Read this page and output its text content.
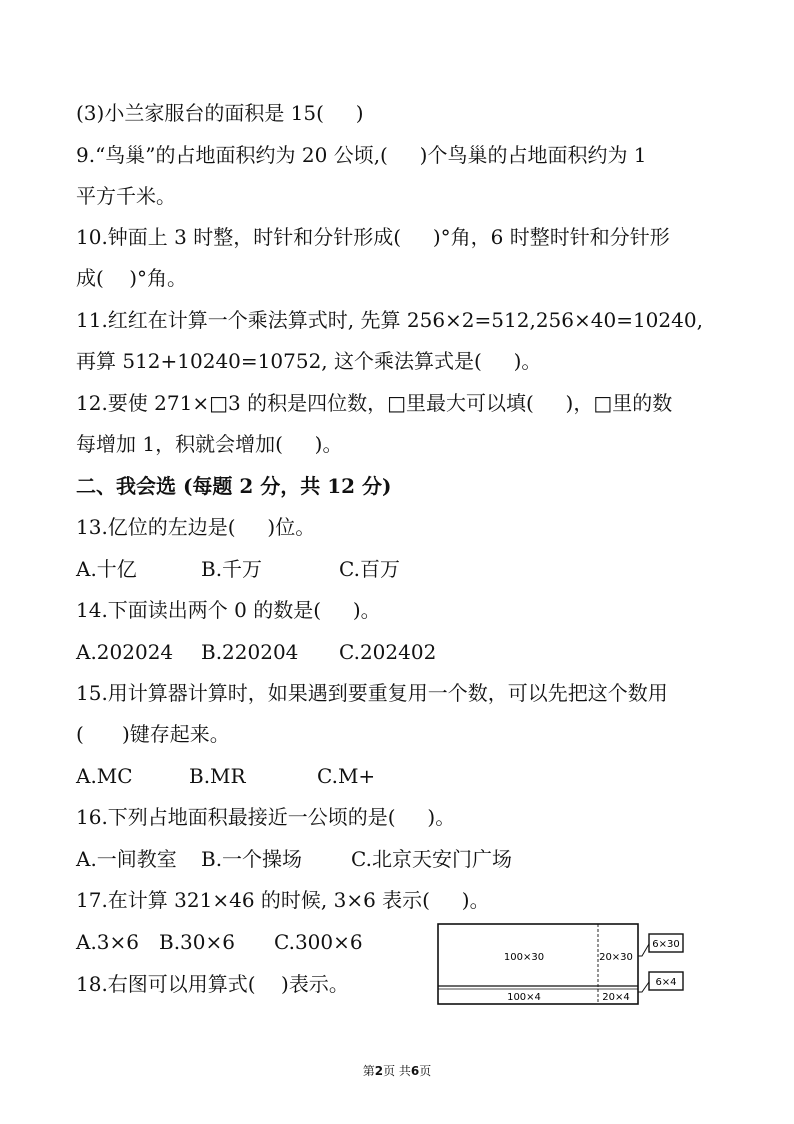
(3)小兰家服台的面积是 15(     )
9.“鸟巢”的占地面积约为 20 公顷,(     )个鸟巢的占地面积约为 1
平方千米。
10.钟面上 3 时整，时针和分针形成(     )°角，6 时整时针和分针形
成(    )°角。
11.红红在计算一个乘法算式时, 先算 256×2=512,256×40=10240,
再算 512+10240=10752, 这个乘法算式是(     )。
12.要使 271×□3 的积是四位数，□里最大可以填(     )，□里的数
每增加 1，积就会增加(     )。
二、我会选 (每题 2 分，共 12 分)
13.亿位的左边是(     )位。
A.十亿	B.千万	C.百万
14.下面读出两个 0 的数是(     )。
A.202024 B.220204 C.202402
15.用计算器计算时，如果遇到要重复用一个数，可以先把这个数用
(      )键存起来。
A.MC	B.MR	C.M+
16.下列占地面积最接近一公顷的是(     )。
A.一间教室 B.一个操场 C.北京天安门广场
17.在计算 321×46 的时候, 3×6 表示(     )。
A.3×6 B.30×6 C.300×6
18.右图可以用算式(    )表示。
100×30	20×30
100×4	20×4
6×30
6×4
第2页 共6页
